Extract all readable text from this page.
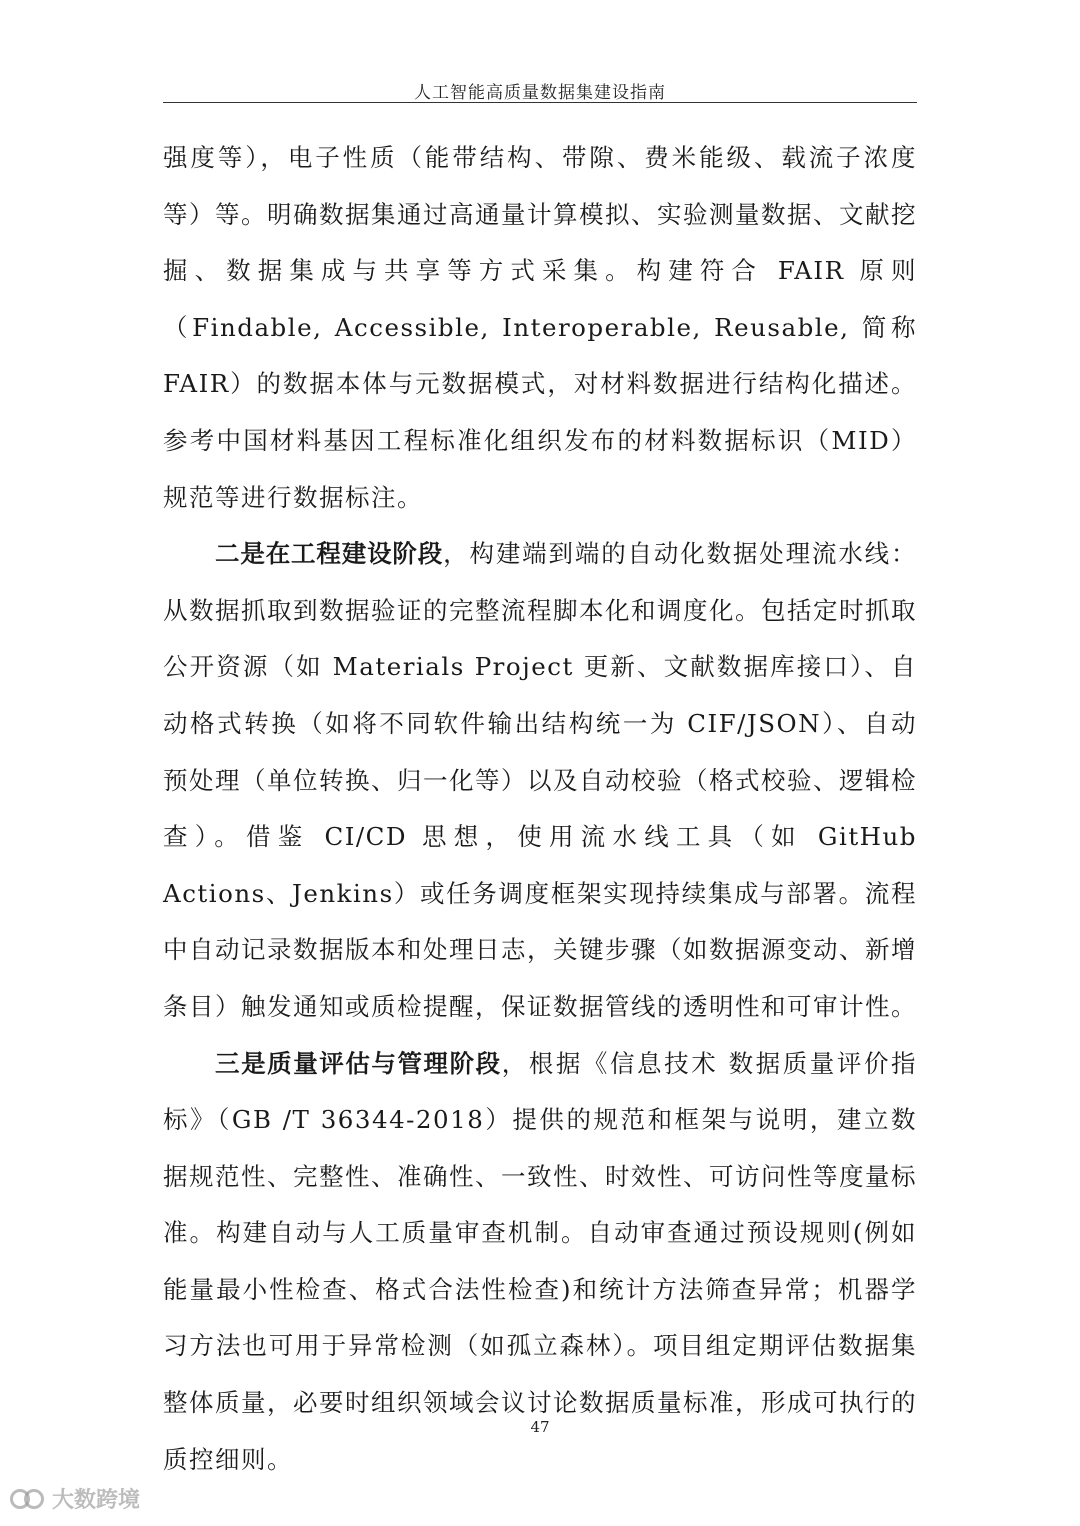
人工智能高质量数据集建设指南

强度等），电子性质（能带结构、带隙、费米能级、载流子浓度等）等。明确数据集通过高通量计算模拟、实验测量数据、文献挖掘、数据集成与共享等方式采集。构建符合 FAIR 原则（Findable, Accessible, Interoperable, Reusable, 简称 FAIR）的数据本体与元数据模式，对材料数据进行结构化描述。参考中国材料基因工程标准化组织发布的材料数据标识（MID）规范等进行数据标注。

二是在工程建设阶段，构建端到端的自动化数据处理流水线：从数据抓取到数据验证的完整流程脚本化和调度化。包括定时抓取公开资源（如 Materials Project 更新、文献数据库接口）、自动格式转换（如将不同软件输出结构统一为 CIF/JSON）、自动预处理（单位转换、归一化等）以及自动校验（格式校验、逻辑检查）。借鉴 CI/CD 思想，使用流水线工具（如 GitHub Actions、Jenkins）或任务调度框架实现持续集成与部署。流程中自动记录数据版本和处理日志，关键步骤（如数据源变动、新增条目）触发通知或质检提醒，保证数据管线的透明性和可审计性。

三是质量评估与管理阶段，根据《信息技术 数据质量评价指标》（GB /T 36344-2018）提供的规范和框架与说明，建立数据规范性、完整性、准确性、一致性、时效性、可访问性等度量标准。构建自动与人工质量审查机制。自动审查通过预设规则(例如能量最小性检查、格式合法性检查)和统计方法筛查异常；机器学习方法也可用于异常检测（如孤立森林）。项目组定期评估数据集整体质量，必要时组织领域会议讨论数据质量标准，形成可执行的质控细则。

47
大数跨境
